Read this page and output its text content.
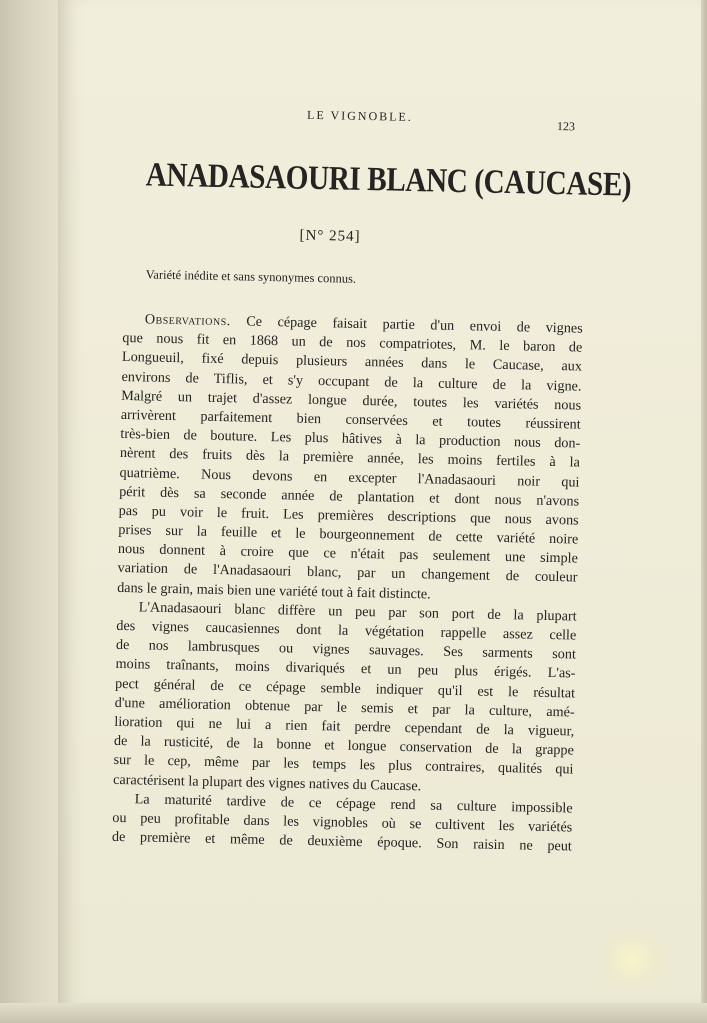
LE VIGNOBLE.
123
ANADASAOURI BLANC (CAUCASE)
[N° 254]
Variété inédite et sans synonymes connus.
Observations. Ce cépage faisait partie d'un envoi de vignes
que nous fit en 1868 un de nos compatriotes, M. le baron de
Longueuil, fixé depuis plusieurs années dans le Caucase, aux
environs de Tiflis, et s'y occupant de la culture de la vigne.
Malgré un trajet d'assez longue durée, toutes les variétés nous
arrivèrent parfaitement bien conservées et toutes réussirent
très-bien de bouture. Les plus hâtives à la production nous don-
nèrent des fruits dès la première année, les moins fertiles à la
quatrième. Nous devons en excepter l'Anadasaouri noir qui
périt dès sa seconde année de plantation et dont nous n'avons
pas pu voir le fruit. Les premières descriptions que nous avons
prises sur la feuille et le bourgeonnement de cette variété noire
nous donnent à croire que ce n'était pas seulement une simple
variation de l'Anadasaouri blanc, par un changement de couleur
dans le grain, mais bien une variété tout à fait distincte.
L'Anadasaouri blanc diffère un peu par son port de la plupart
des vignes caucasiennes dont la végétation rappelle assez celle
de nos lambrusques ou vignes sauvages. Ses sarments sont
moins traînants, moins divariqués et un peu plus érigés. L'as-
pect général de ce cépage semble indiquer qu'il est le résultat
d'une amélioration obtenue par le semis et par la culture, amé-
lioration qui ne lui a rien fait perdre cependant de la vigueur,
de la rusticité, de la bonne et longue conservation de la grappe
sur le cep, même par les temps les plus contraires, qualités qui
caractérisent la plupart des vignes natives du Caucase.
La maturité tardive de ce cépage rend sa culture impossible
ou peu profitable dans les vignobles où se cultivent les variétés
de première et même de deuxième époque. Son raisin ne peut
